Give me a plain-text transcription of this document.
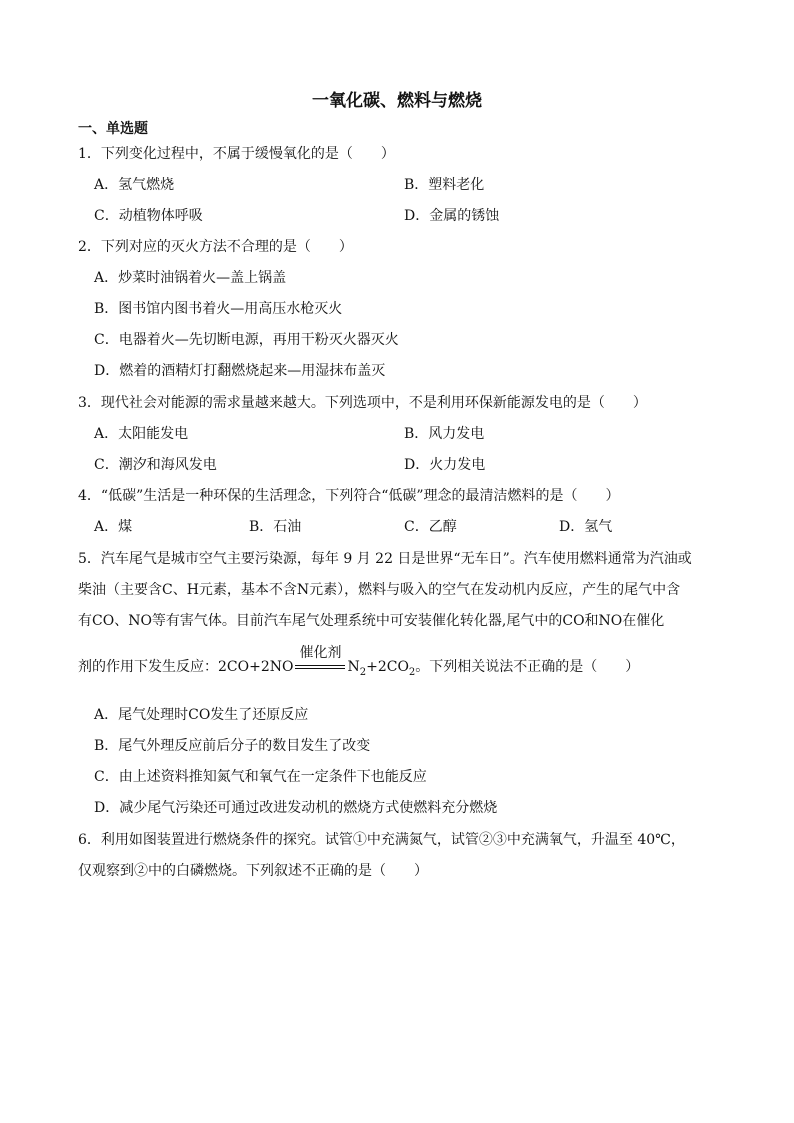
一氧化碳、燃料与燃烧
一、单选题
1．下列变化过程中，不属于缓慢氧化的是（　　）
A．氢气燃烧	B．塑料老化
C．动植物体呼吸	D．金属的锈蚀
2．下列对应的灭火方法不合理的是（　　）
A．炒菜时油锅着火—盖上锅盖
B．图书馆内图书着火—用高压水枪灭火
C．电器着火—先切断电源，再用干粉灭火器灭火
D．燃着的酒精灯打翻燃烧起来—用湿抹布盖灭
3．现代社会对能源的需求量越来越大。下列选项中，不是利用环保新能源发电的是（　　）
A．太阳能发电	B．风力发电
C．潮汐和海风发电	D．火力发电
4．“低碳”生活是一种环保的生活理念，下列符合“低碳”理念的最清洁燃料的是（　　）
A．煤	B．石油	C．乙醇	D．氢气
5．汽车尾气是城市空气主要污染源，每年 9 月 22 日是世界“无车日”。汽车使用燃料通常为汽油或
柴油（主要含C、H元素，基本不含N元素），燃料与吸入的空气在发动机内反应，产生的尾气中含
有CO、NO等有害气体。目前汽车尾气处理系统中可安装催化转化器,尾气中的CO和NO在催化
剂的作用下发生反应：2CO+2NO
催化剂
$N_2+2CO_2$。下列相关说法不正确的是（　　）
A．尾气处理时CO发生了还原反应
B．尾气外理反应前后分子的数目发生了改变
C．由上述资料推知氮气和氧气在一定条件下也能反应
D．减少尾气污染还可通过改进发动机的燃烧方式使燃料充分燃烧
6．利用如图装置进行燃烧条件的探究。试管①中充满氮气，试管②③中充满氧气，升温至 40℃，
仅观察到②中的白磷燃烧。下列叙述不正确的是（　　）
